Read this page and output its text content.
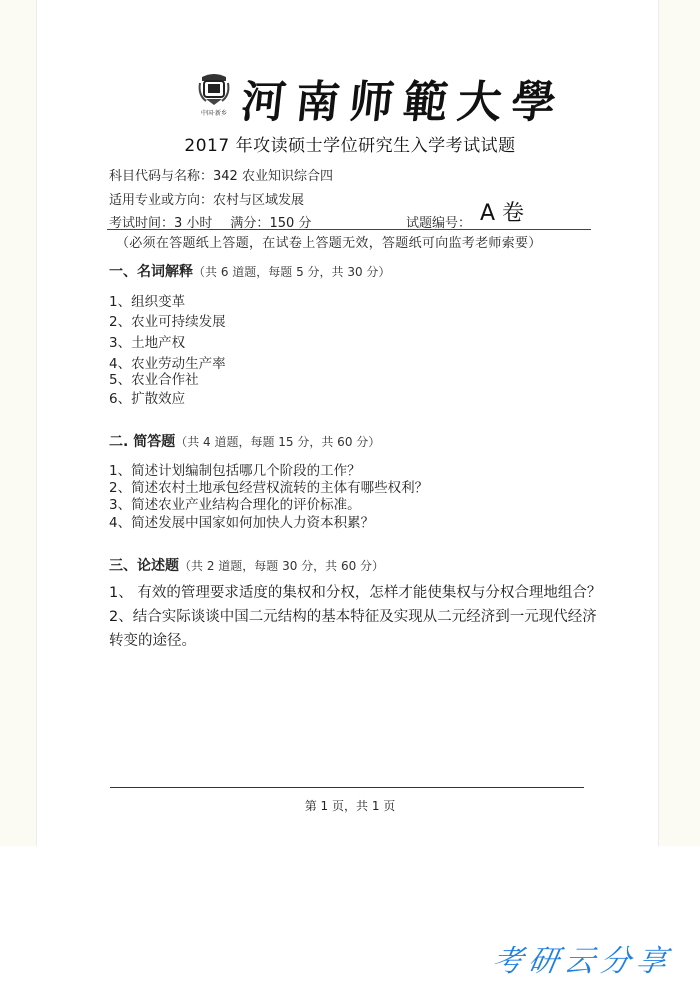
中国·新乡 河南师範大學
2017 年攻读硕士学位研究生入学考试试题
科目代码与名称：342 农业知识综合四
适用专业或方向：农村与区域发展
考试时间：3 小时 满分：150 分	试题编号： A 卷
（必须在答题纸上答题，在试卷上答题无效，答题纸可向监考老师索要）
一、名词解释（共 6 道题，每题 5 分，共 30 分）
1、组织变革
2、农业可持续发展
3、土地产权
4、农业劳动生产率
5、农业合作社
6、扩散效应
二. 简答题（共 4 道题，每题 15 分，共 60 分）
1、简述计划编制包括哪几个阶段的工作？
2、简述农村土地承包经营权流转的主体有哪些权利？
3、简述农业产业结构合理化的评价标准。
4、简述发展中国家如何加快人力资本积累？
三、论述题（共 2 道题，每题 30 分，共 60 分）
1、 有效的管理要求适度的集权和分权，怎样才能使集权与分权合理地组合？
2、结合实际谈谈中国二元结构的基本特征及实现从二元经济到一元现代经济
转变的途径。
第 1 页，共 1 页
考研云分享
